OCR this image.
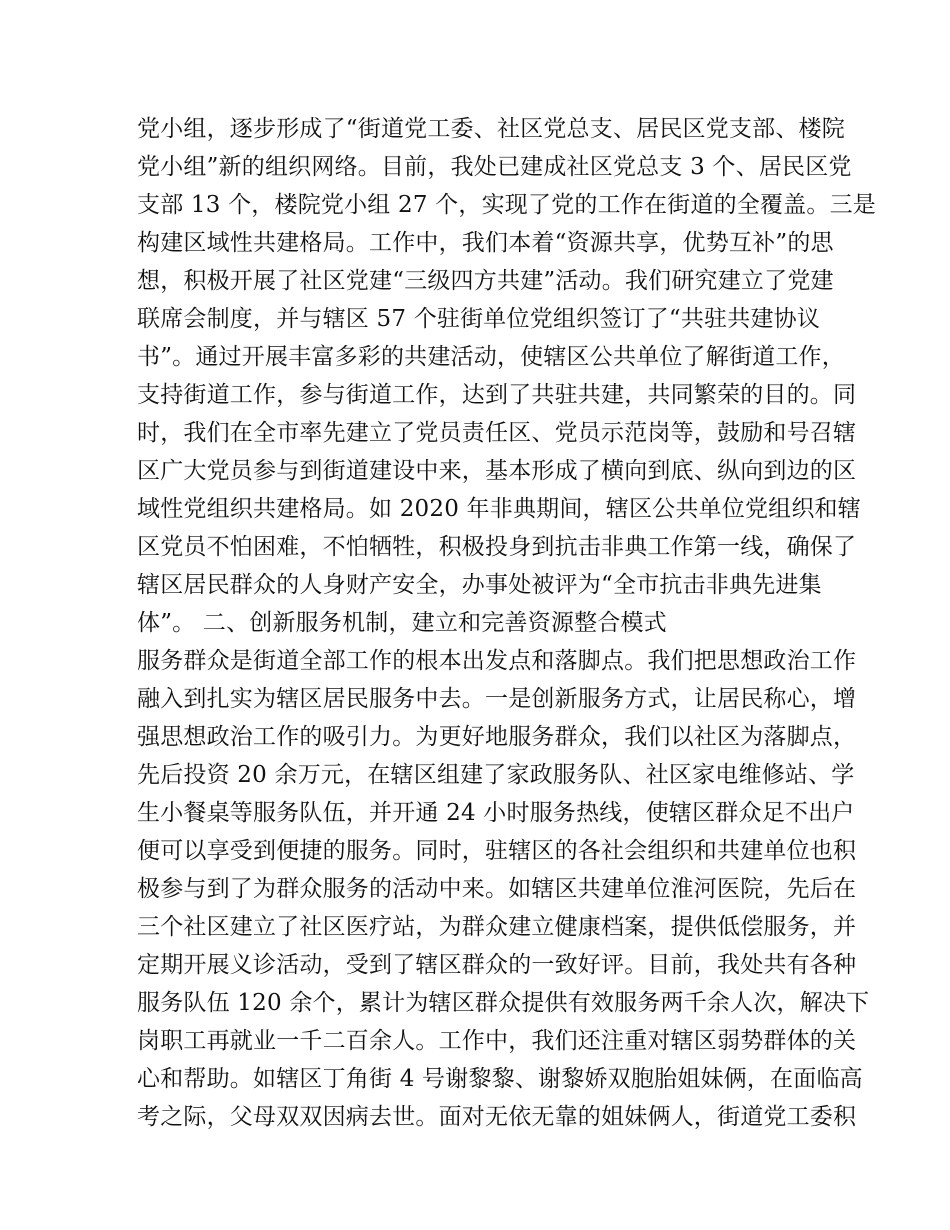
党小组，逐步形成了“街道党工委、社区党总支、居民区党支部、楼院
党小组”新的组织网络。目前，我处已建成社区党总支 3 个、居民区党
支部 13 个，楼院党小组 27 个，实现了党的工作在街道的全覆盖。三是
构建区域性共建格局。工作中，我们本着“资源共享，优势互补”的思
想，积极开展了社区党建“三级四方共建”活动。我们研究建立了党建
联席会制度，并与辖区 57 个驻街单位党组织签订了“共驻共建协议
书”。通过开展丰富多彩的共建活动，使辖区公共单位了解街道工作，
支持街道工作，参与街道工作，达到了共驻共建，共同繁荣的目的。同
时，我们在全市率先建立了党员责任区、党员示范岗等，鼓励和号召辖
区广大党员参与到街道建设中来，基本形成了横向到底、纵向到边的区
域性党组织共建格局。如 2020 年非典期间，辖区公共单位党组织和辖
区党员不怕困难，不怕牺牲，积极投身到抗击非典工作第一线，确保了
辖区居民群众的人身财产安全，办事处被评为“全市抗击非典先进集
体”。 二、创新服务机制，建立和完善资源整合模式
服务群众是街道全部工作的根本出发点和落脚点。我们把思想政治工作
融入到扎实为辖区居民服务中去。一是创新服务方式，让居民称心，增
强思想政治工作的吸引力。为更好地服务群众，我们以社区为落脚点，
先后投资 20 余万元，在辖区组建了家政服务队、社区家电维修站、学
生小餐桌等服务队伍，并开通 24 小时服务热线，使辖区群众足不出户
便可以享受到便捷的服务。同时，驻辖区的各社会组织和共建单位也积
极参与到了为群众服务的活动中来。如辖区共建单位淮河医院，先后在
三个社区建立了社区医疗站，为群众建立健康档案，提供低偿服务，并
定期开展义诊活动，受到了辖区群众的一致好评。目前，我处共有各种
服务队伍 120 余个，累计为辖区群众提供有效服务两千余人次，解决下
岗职工再就业一千二百余人。工作中，我们还注重对辖区弱势群体的关
心和帮助。如辖区丁角街 4 号谢黎黎、谢黎娇双胞胎姐妹俩，在面临高
考之际，父母双双因病去世。面对无依无靠的姐妹俩人，街道党工委积
